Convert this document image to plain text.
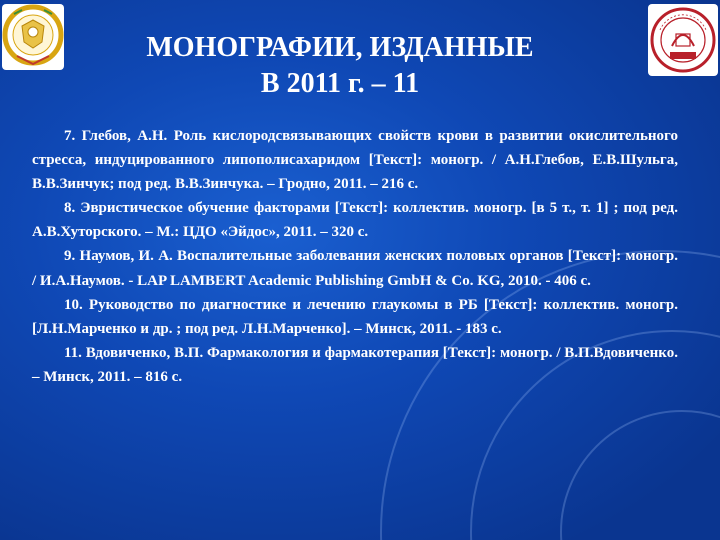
МОНОГРАФИИ, ИЗДАННЫЕ
В 2011 г. – 11

7. Глебов, А.Н. Роль кислородсвязывающих свойств крови в развитии окислительного стресса, индуцированного липополисахаридом [Текст]: моногр. / А.Н.Глебов, Е.В.Шульга, В.В.Зинчук; под ред. В.В.Зинчука. – Гродно, 2011. – 216 с.

8. Эвристическое обучение факторами [Текст]: коллектив. моногр. [в 5 т., т. 1] ; под ред. А.В.Хуторского. – М.: ЦДО «Эйдос», 2011. – 320 с.

9. Наумов, И. А. Воспалительные заболевания женских половых органов [Текст]: моногр. / И.А.Наумов. - LAP LAMBERT Academic Publishing GmbH & Co. KG, 2010. - 406 с.

10. Руководство по диагностике и лечению глаукомы в РБ [Текст]: коллектив. моногр. [Л.Н.Марченко и др. ; под ред. Л.Н.Марченко]. – Минск, 2011. - 183 с.

11. Вдовиченко, В.П. Фармакология и фармакотерапия [Текст]: моногр. / В.П.Вдовиченко. – Минск, 2011. – 816 с.
